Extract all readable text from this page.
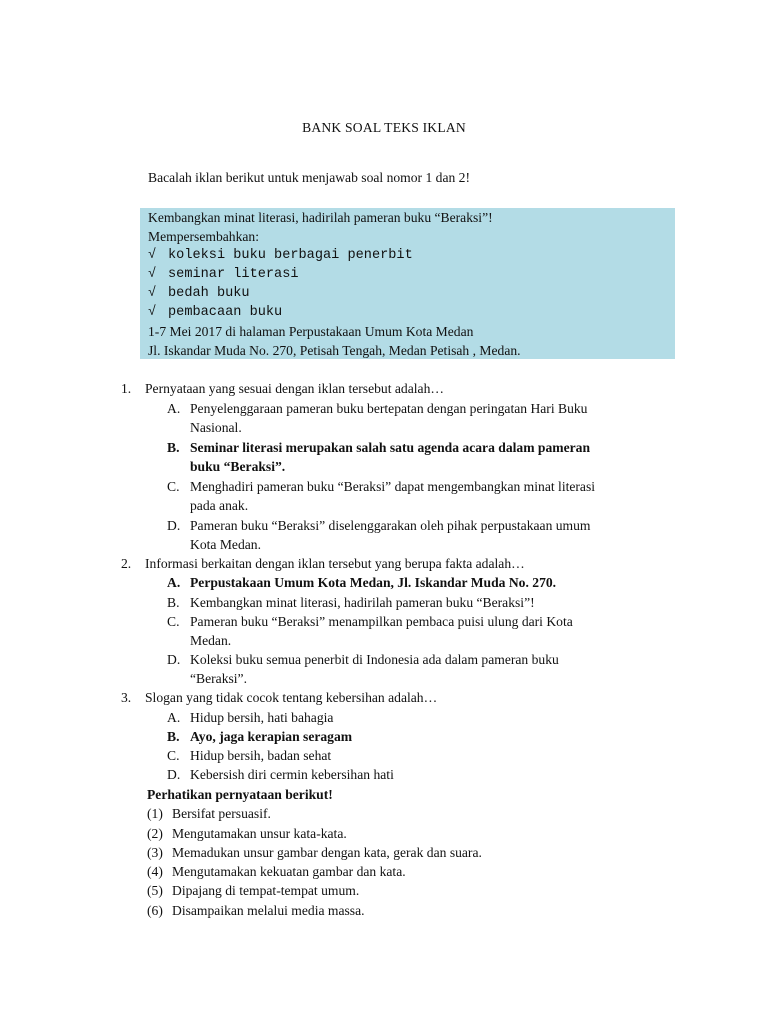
BANK SOAL TEKS IKLAN
Bacalah iklan berikut untuk menjawab soal nomor 1 dan 2!
Kembangkan minat literasi, hadirilah pameran buku “Beraksi”!
Mempersembahkan:
√ koleksi buku berbagai penerbit
√ seminar literasi
√ bedah buku
√ pembacaan buku
1-7 Mei 2017 di halaman Perpustakaan Umum Kota Medan
Jl. Iskandar Muda No. 270, Petisah Tengah, Medan Petisah , Medan.
1. Pernyataan yang sesuai dengan iklan tersebut adalah…
A. Penyelenggaraan pameran buku bertepatan dengan peringatan Hari Buku
Nasional.
B. Seminar literasi merupakan salah satu agenda acara dalam pameran
buku “Beraksi”.
C. Menghadiri pameran buku “Beraksi” dapat mengembangkan minat literasi
pada anak.
D. Pameran buku “Beraksi” diselenggarakan oleh pihak perpustakaan umum
Kota Medan.
2. Informasi berkaitan dengan iklan tersebut yang berupa fakta adalah…
A. Perpustakaan Umum Kota Medan, Jl. Iskandar Muda No. 270.
B. Kembangkan minat literasi, hadirilah pameran buku “Beraksi”!
C. Pameran buku “Beraksi” menampilkan pembaca puisi ulung dari Kota
Medan.
D. Koleksi buku semua penerbit di Indonesia ada dalam pameran buku
“Beraksi”.
3. Slogan yang tidak cocok tentang kebersihan adalah…
A. Hidup bersih, hati bahagia
B. Ayo, jaga kerapian seragam
C. Hidup bersih, badan sehat
D. Kebersish diri cermin kebersihan hati
Perhatikan pernyataan berikut!
(1) Bersifat persuasif.
(2) Mengutamakan unsur kata-kata.
(3) Memadukan unsur gambar dengan kata, gerak dan suara.
(4) Mengutamakan kekuatan gambar dan kata.
(5) Dipajang di tempat-tempat umum.
(6) Disampaikan melalui media massa.
